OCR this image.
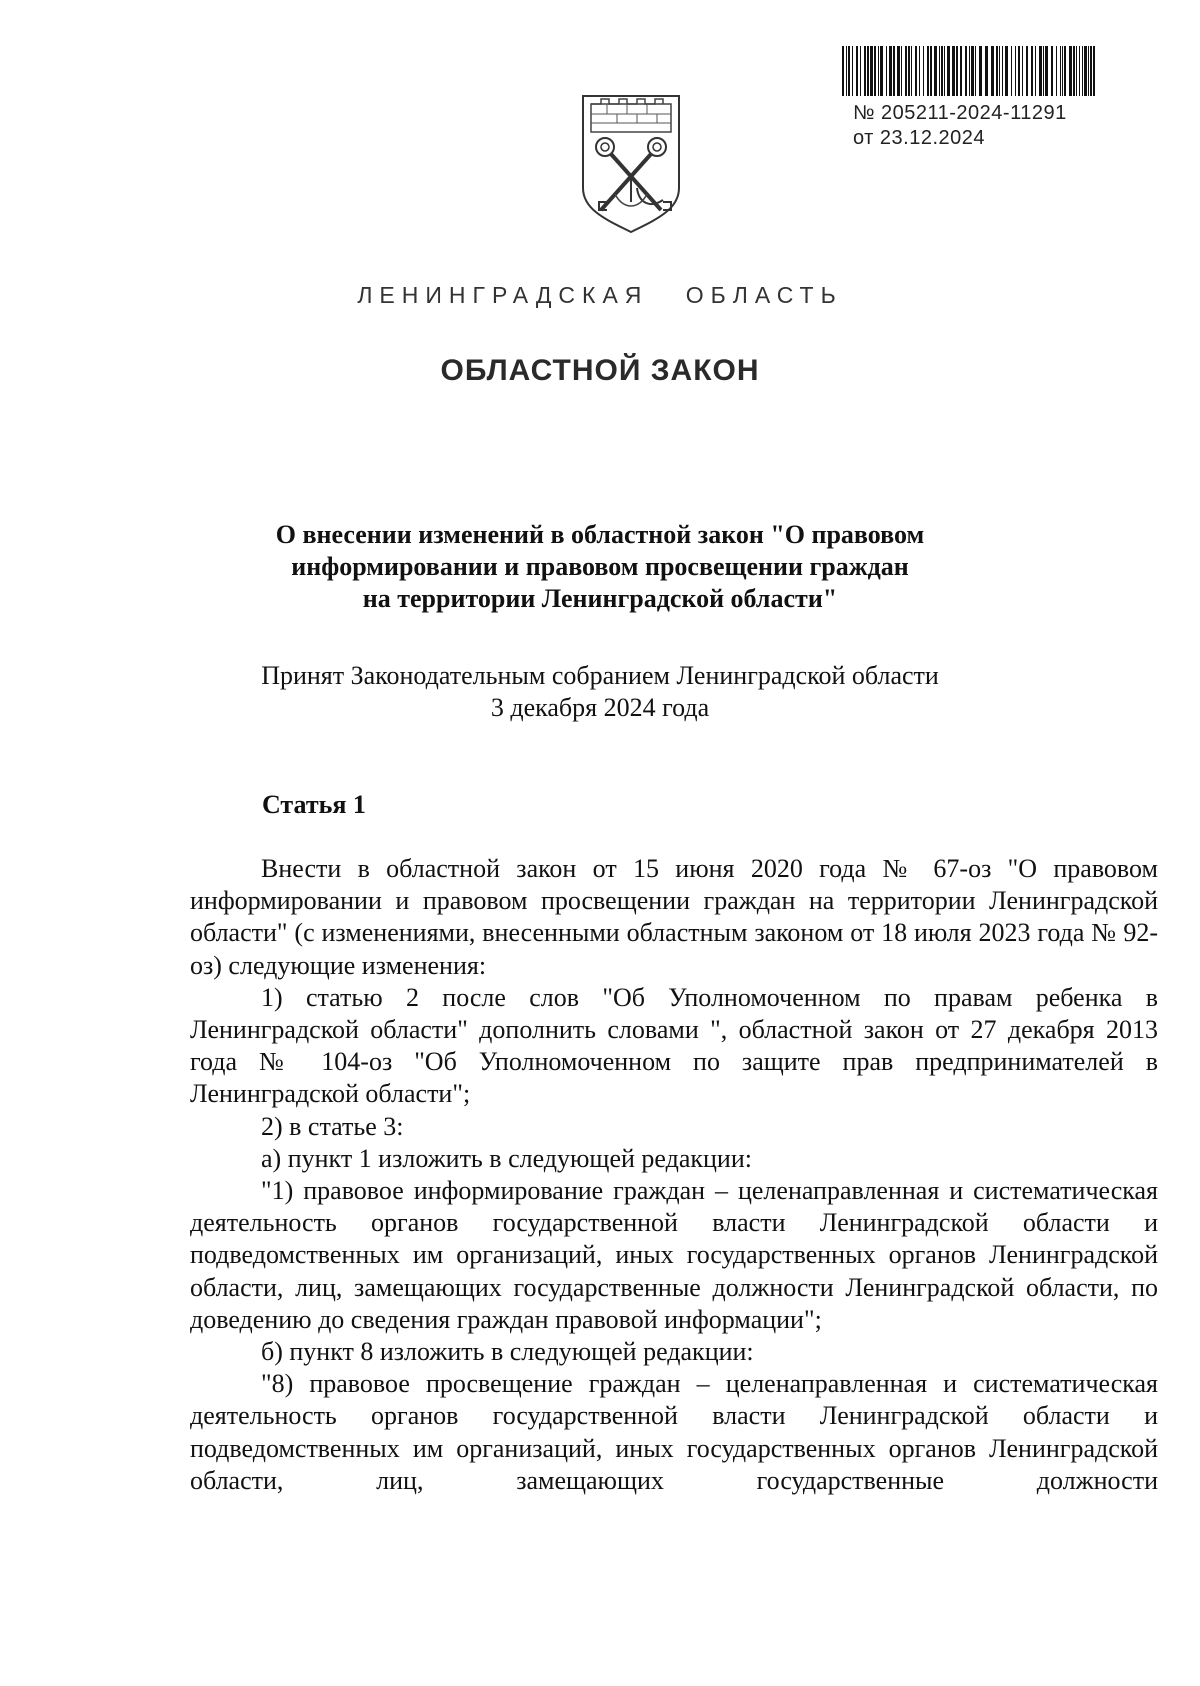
№ 205211-2024-11291
от 23.12.2024
ЛЕНИНГРАДСКАЯ ОБЛАСТЬ
ОБЛАСТНОЙ ЗАКОН
О внесении изменений в областной закон "О правовом
информировании и правовом просвещении граждан
на территории Ленинградской области"
Принят Законодательным собранием Ленинградской области
3 декабря 2024 года
Статья 1

Внести в областной закон от 15 июня 2020 года № 67-оз "О правовом информировании и правовом просвещении граждан на территории Ленинградской области" (с изменениями, внесенными областным законом от 18 июля 2023 года № 92-оз) следующие изменения:

1) статью 2 после слов "Об Уполномоченном по правам ребенка в Ленинградской области" дополнить словами ", областной закон от 27 декабря 2013 года № 104-оз "Об Уполномоченном по защите прав предпринимателей в Ленинградской области";

2) в статье 3:

а) пункт 1 изложить в следующей редакции:

"1) правовое информирование граждан – целенаправленная и систематическая деятельность органов государственной власти Ленинградской области и подведомственных им организаций, иных государственных органов Ленинградской области, лиц, замещающих государственные должности Ленинградской области, по доведению до сведения граждан правовой информации";

б) пункт 8 изложить в следующей редакции:

"8) правовое просвещение граждан – целенаправленная и систематическая деятельность органов государственной власти Ленинградской области и подведомственных им организаций, иных государственных органов Ленинградской области, лиц, замещающих государственные должности
